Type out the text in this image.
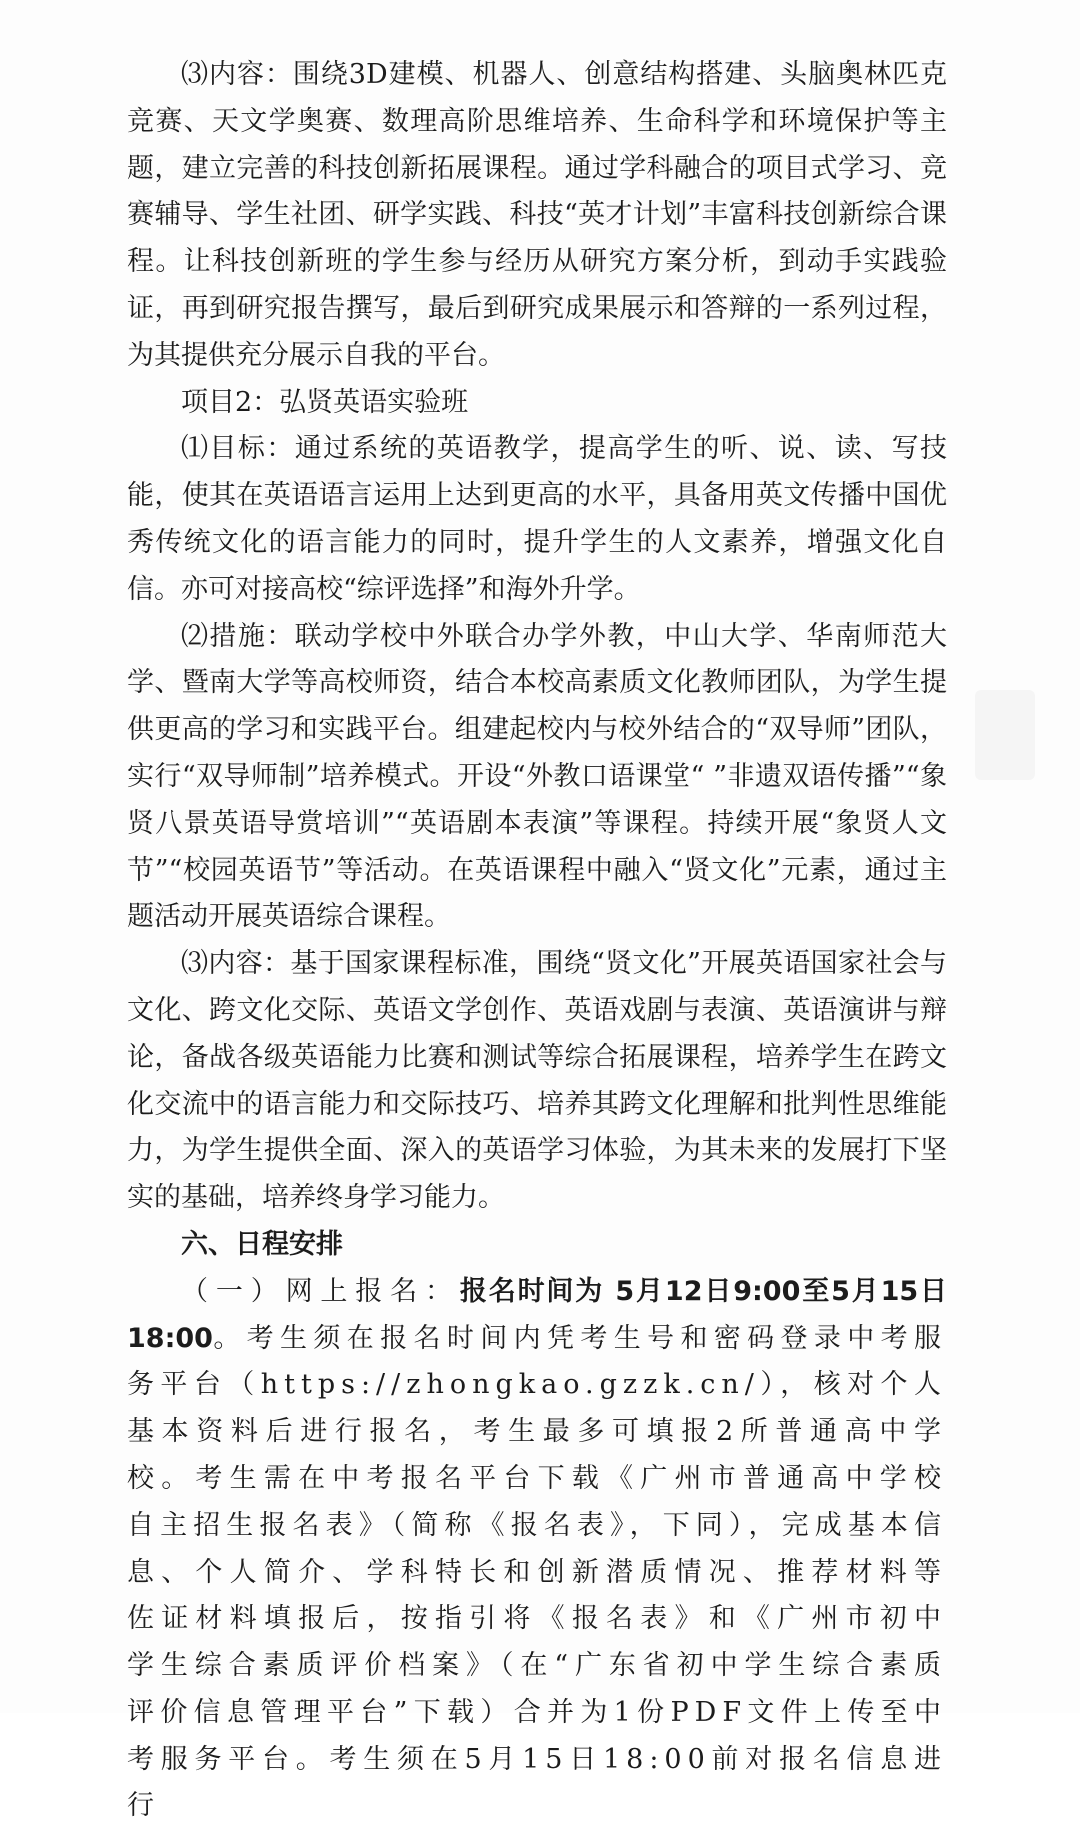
⑶内容：围绕3D建模、机器人、创意结构搭建、头脑奥林匹克竞赛、天文学奥赛、数理高阶思维培养、生命科学和环境保护等主题，建立完善的科技创新拓展课程。通过学科融合的项目式学习、竞赛辅导、学生社团、研学实践、科技“英才计划”丰富科技创新综合课程。让科技创新班的学生参与经历从研究方案分析，到动手实践验证，再到研究报告撰写，最后到研究成果展示和答辩的一系列过程，为其提供充分展示自我的平台。

项目2：弘贤英语实验班

⑴目标：通过系统的英语教学，提高学生的听、说、读、写技能，使其在英语语言运用上达到更高的水平，具备用英文传播中国优秀传统文化的语言能力的同时，提升学生的人文素养，增强文化自信。亦可对接高校“综评选择”和海外升学。

⑵措施：联动学校中外联合办学外教，中山大学、华南师范大学、暨南大学等高校师资，结合本校高素质文化教师团队，为学生提供更高的学习和实践平台。组建起校内与校外结合的“双导师”团队，实行“双导师制”培养模式。开设“外教口语课堂“ ”非遗双语传播”“象贤八景英语导赏培训”“英语剧本表演”等课程。持续开展“象贤人文节”“校园英语节”等活动。在英语课程中融入“贤文化”元素，通过主题活动开展英语综合课程。

⑶内容：基于国家课程标准，围绕“贤文化”开展英语国家社会与文化、跨文化交际、英语文学创作、英语戏剧与表演、英语演讲与辩论，备战各级英语能力比赛和测试等综合拓展课程，培养学生在跨文化交流中的语言能力和交际技巧、培养其跨文化理解和批判性思维能力，为学生提供全面、深入的英语学习体验，为其未来的发展打下坚实的基础，培养终身学习能力。

六、日程安排

（一）网上报名：报名时间为 5月12日9:00至5月15日18:00。考生须在报名时间内凭考生号和密码登录中考服务平台（https://zhongkao.gzzk.cn/），核对个人基本资料后进行报名，考生最多可填报2所普通高中学校。考生需在中考报名平台下载《广州市普通高中学校自主招生报名表》（简称《报名表》，下同），完成基本信息、个人简介、学科特长和创新潜质情况、推荐材料等佐证材料填报后，按指引将《报名表》和《广州市初中学生综合素质评价档案》（在“广东省初中学生综合素质评价信息管理平台”下载）合并为1份PDF文件上传至中考服务平台。考生须在5月15日18:00前对报名信息进行
